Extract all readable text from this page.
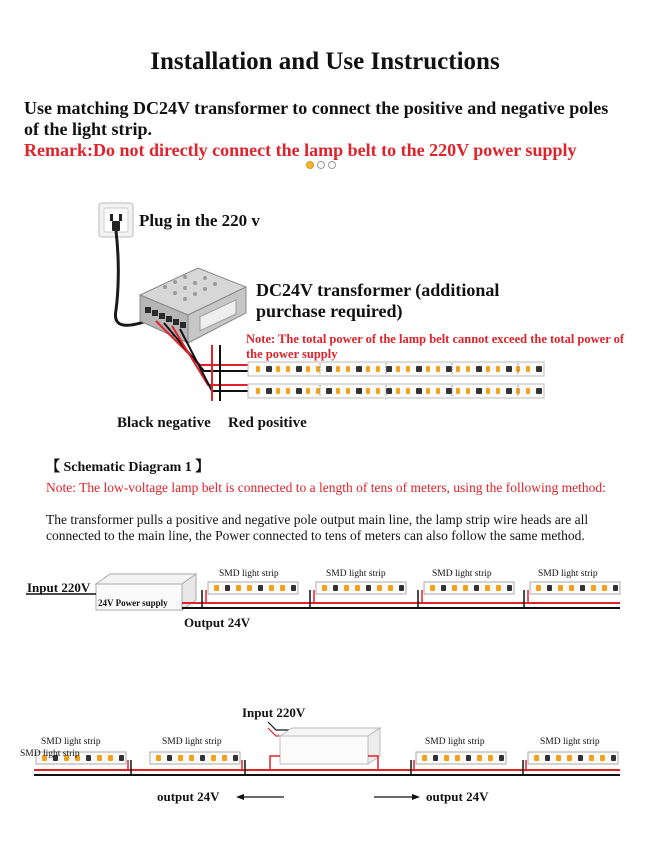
Installation and Use Instructions
Use matching DC24V transformer to connect the positive and negative poles of the light strip.
Remark:Do not directly connect the lamp belt to the 220V power supply
Plug in the 220 v
DC24V transformer (additional purchase required)
Note: The total power of the lamp belt cannot exceed the total power of the power supply
Black negative Red positive
【 Schematic Diagram 1 】
Note: The low-voltage lamp belt is connected to a length of tens of meters, using the following method:
The transformer pulls a positive and negative pole output main line, the lamp strip wire heads are all connected to the main line, the Power connected to tens of meters can also follow the same method.
Input 220V
24V Power supply
Output 24V
SMD light strip	SMD light strip	SMD light strip	SMD light strip
Input 220V
SMD light strip	SMD light strip	SMD light strip	SMD light strip
SMD light strip
output 24V	output 24V
